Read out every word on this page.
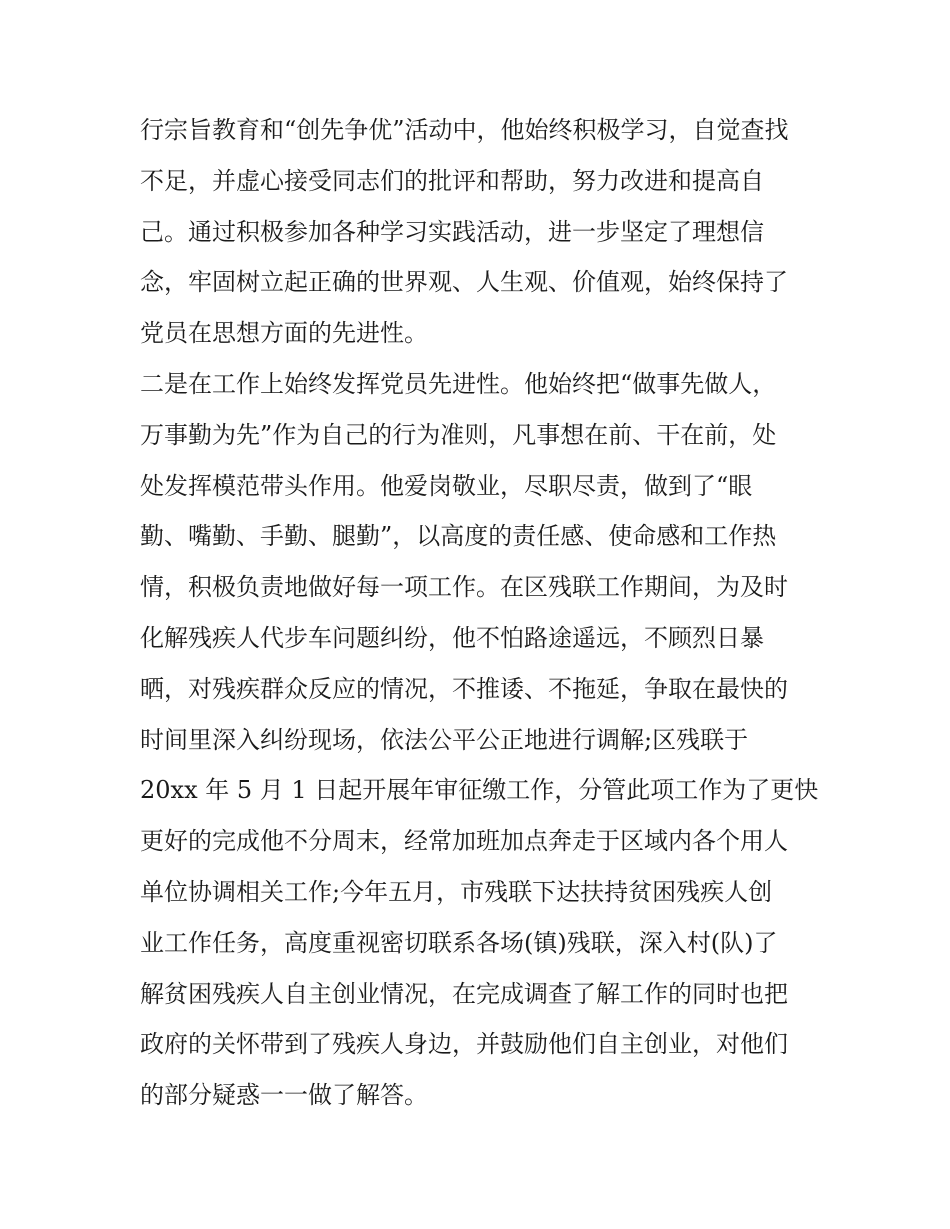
行宗旨教育和“创先争优”活动中，他始终积极学习，自觉查找
不足，并虚心接受同志们的批评和帮助，努力改进和提高自
己。通过积极参加各种学习实践活动，进一步坚定了理想信
念，牢固树立起正确的世界观、人生观、价值观，始终保持了
党员在思想方面的先进性。
二是在工作上始终发挥党员先进性。他始终把“做事先做人，
万事勤为先”作为自己的行为准则，凡事想在前、干在前，处
处发挥模范带头作用。他爱岗敬业，尽职尽责，做到了“眼
勤、嘴勤、手勤、腿勤”，以高度的责任感、使命感和工作热
情，积极负责地做好每一项工作。在区残联工作期间，为及时
化解残疾人代步车问题纠纷，他不怕路途遥远，不顾烈日暴
晒，对残疾群众反应的情况，不推诿、不拖延，争取在最快的
时间里深入纠纷现场，依法公平公正地进行调解;区残联于
20xx 年 5 月 1 日起开展年审征缴工作，分管此项工作为了更快
更好的完成他不分周末，经常加班加点奔走于区域内各个用人
单位协调相关工作;今年五月，市残联下达扶持贫困残疾人创
业工作任务，高度重视密切联系各场(镇)残联，深入村(队)了
解贫困残疾人自主创业情况，在完成调查了解工作的同时也把
政府的关怀带到了残疾人身边，并鼓励他们自主创业，对他们
的部分疑惑一一做了解答。
